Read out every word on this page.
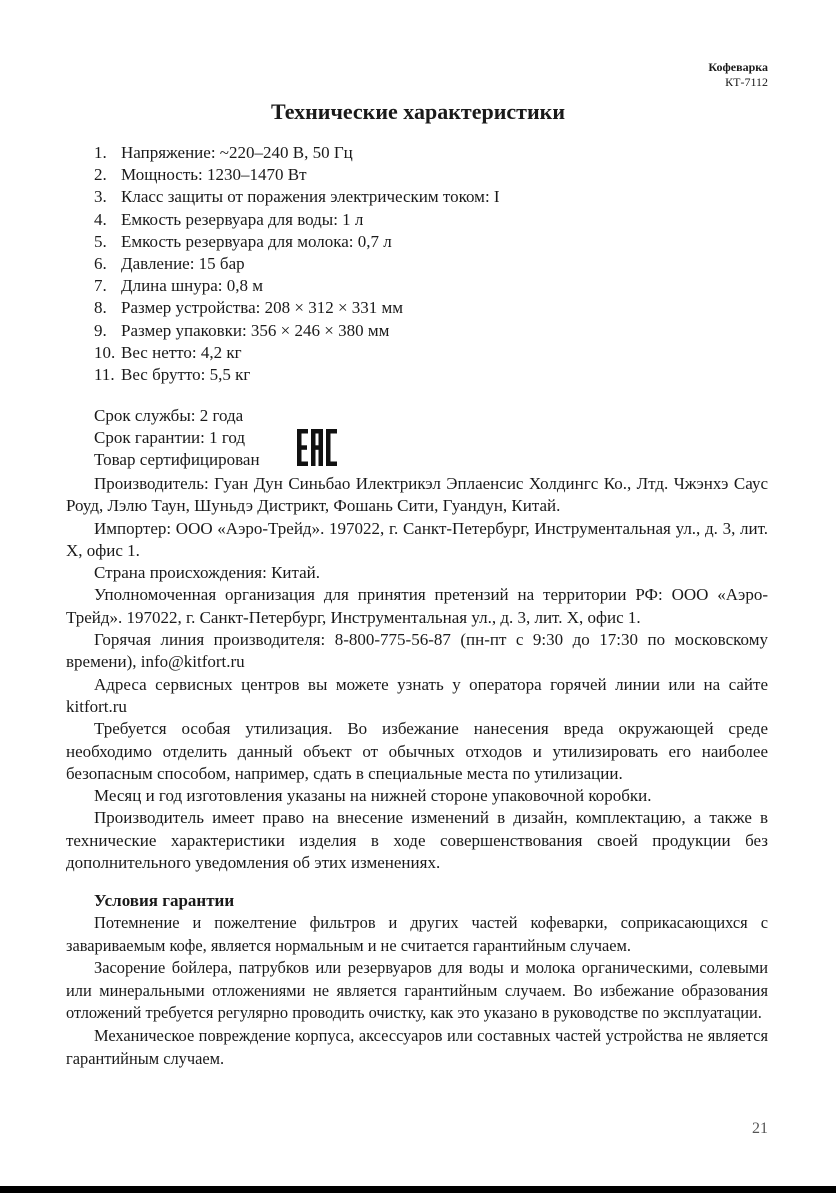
Кофеварка
КТ-7112
Технические характеристики
1. Напряжение: ~220–240 В, 50 Гц
2. Мощность: 1230–1470 Вт
3. Класс защиты от поражения электрическим током: I
4. Емкость резервуара для воды: 1 л
5. Емкость резервуара для молока: 0,7 л
6. Давление: 15 бар
7. Длина шнура: 0,8 м
8. Размер устройства: 208 × 312 × 331 мм
9. Размер упаковки: 356 × 246 × 380 мм
10. Вес нетто: 4,2 кг
11. Вес брутто: 5,5 кг
Срок службы: 2 года
Срок гарантии: 1 год
Товар сертифицирован

Производитель: Гуан Дун Синьбао Илектрикэл Эплаенсис Холдингс Ко., Лтд. Чжэнхэ Саус Роуд, Лэлю Таун, Шуньдэ Дистрикт, Фошань Сити, Гуандун, Китай.

Импортер: ООО «Аэро-Трейд». 197022, г. Санкт-Петербург, Инструментальная ул., д. 3, лит. Х, офис 1.

Страна происхождения: Китай.

Уполномоченная организация для принятия претензий на территории РФ: ООО «Аэро-Трейд». 197022, г. Санкт-Петербург, Инструментальная ул., д. 3, лит. Х, офис 1.

Горячая линия производителя: 8-800-775-56-87 (пн-пт с 9:30 до 17:30 по московскому времени), info@kitfort.ru

Адреса сервисных центров вы можете узнать у оператора горячей линии или на сайте kitfort.ru

Требуется особая утилизация. Во избежание нанесения вреда окружающей среде необходимо отделить данный объект от обычных отходов и утилизировать его наиболее безопасным способом, например, сдать в специальные места по утилизации.

Месяц и год изготовления указаны на нижней стороне упаковочной коробки.

Производитель имеет право на внесение изменений в дизайн, комплектацию, а также в технические характеристики изделия в ходе совершенствования своей продукции без дополнительного уведомления об этих изменениях.

Условия гарантии

Потемнение и пожелтение фильтров и других частей кофеварки, соприкасающихся с завариваемым кофе, является нормальным и не считается гарантийным случаем.

Засорение бойлера, патрубков или резервуаров для воды и молока органическими, солевыми или минеральными отложениями не является гарантийным случаем. Во избежание образования отложений требуется регулярно проводить очистку, как это указано в руководстве по эксплуатации.

Механическое повреждение корпуса, аксессуаров или составных частей устройства не является гарантийным случаем.

21
